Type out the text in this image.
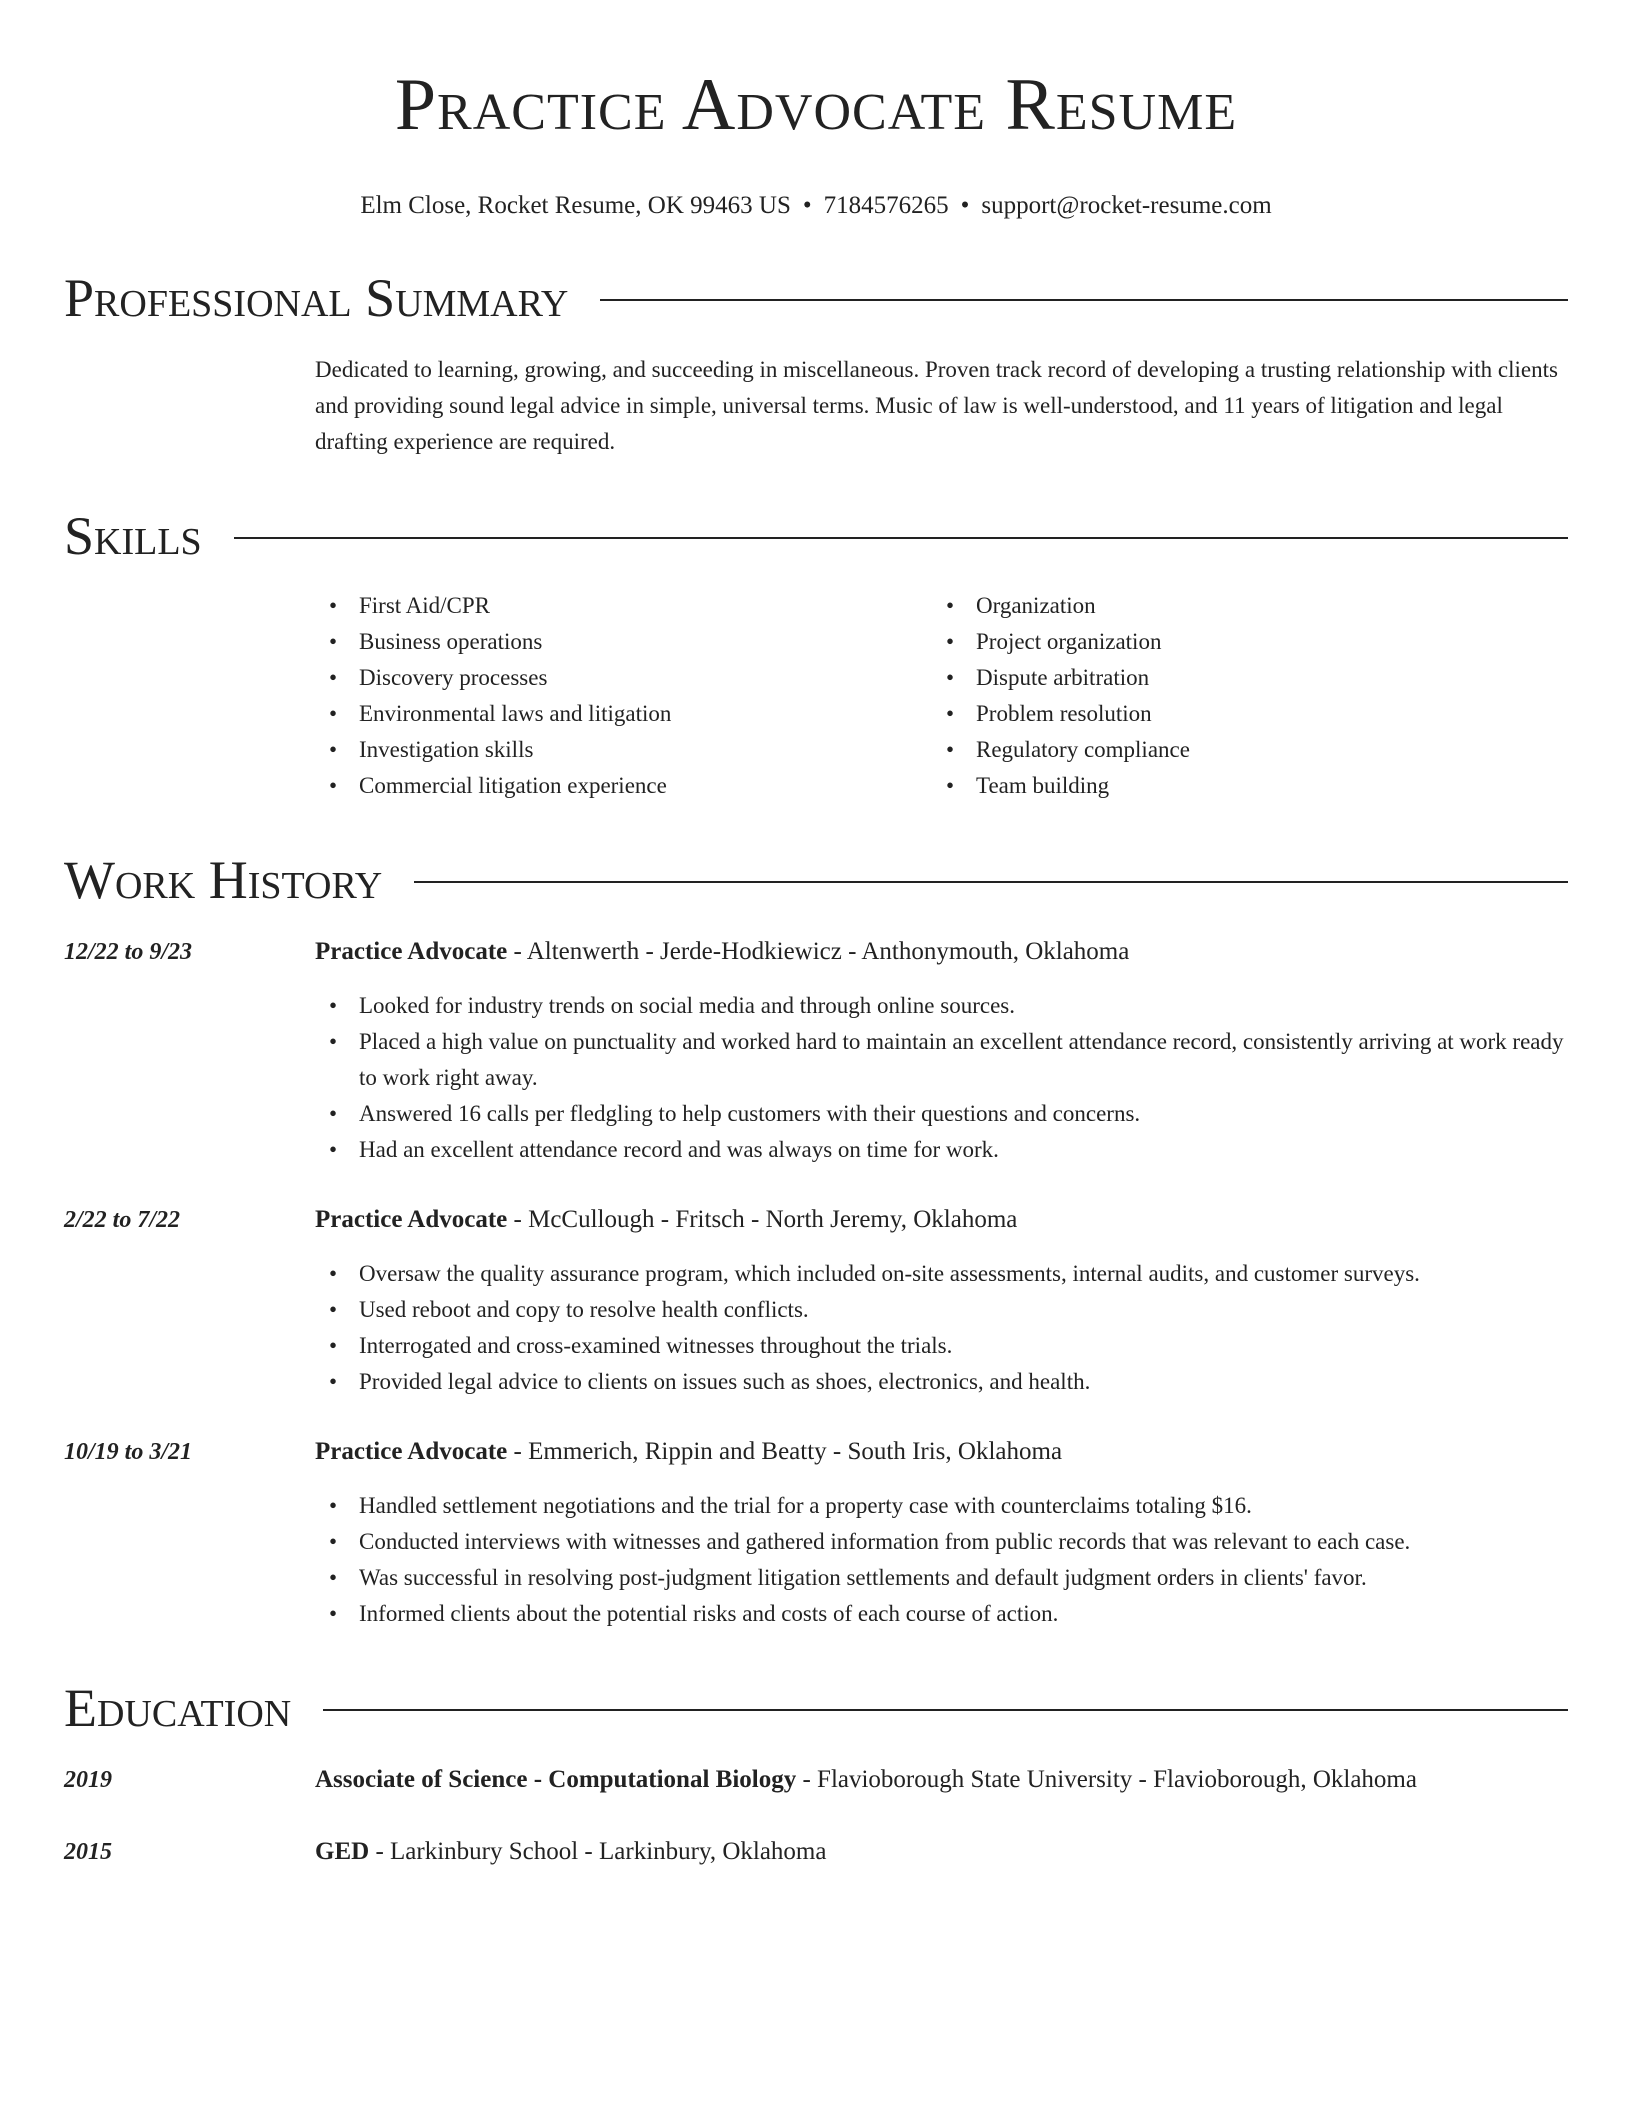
Practice Advocate Resume
Elm Close, Rocket Resume, OK 99463 US • 7184576265 • support@rocket-resume.com
Professional Summary

Dedicated to learning, growing, and succeeding in miscellaneous. Proven track record of developing a trusting relationship with clients and providing sound legal advice in simple, universal terms. Music of law is well-understood, and 11 years of litigation and legal drafting experience are required.

Skills
• First Aid/CPR
• Business operations
• Discovery processes
• Environmental laws and litigation
• Investigation skills
• Commercial litigation experience
• Organization
• Project organization
• Dispute arbitration
• Problem resolution
• Regulatory compliance
• Team building
Work History
12/22 to 9/23	Practice Advocate - Altenwerth - Jerde-Hodkiewicz - Anthonymouth, Oklahoma
• Looked for industry trends on social media and through online sources.
• Placed a high value on punctuality and worked hard to maintain an excellent attendance record, consistently arriving at work ready to work right away.
• Answered 16 calls per fledgling to help customers with their questions and concerns.
• Had an excellent attendance record and was always on time for work.
2/22 to 7/22	Practice Advocate - McCullough - Fritsch - North Jeremy, Oklahoma
• Oversaw the quality assurance program, which included on-site assessments, internal audits, and customer surveys.
• Used reboot and copy to resolve health conflicts.
• Interrogated and cross-examined witnesses throughout the trials.
• Provided legal advice to clients on issues such as shoes, electronics, and health.
10/19 to 3/21	Practice Advocate - Emmerich, Rippin and Beatty - South Iris, Oklahoma
• Handled settlement negotiations and the trial for a property case with counterclaims totaling $16.
• Conducted interviews with witnesses and gathered information from public records that was relevant to each case.
• Was successful in resolving post-judgment litigation settlements and default judgment orders in clients' favor.
• Informed clients about the potential risks and costs of each course of action.
Education
2019	Associate of Science - Computational Biology - Flavioborough State University - Flavioborough, Oklahoma
2015	GED - Larkinbury School - Larkinbury, Oklahoma
